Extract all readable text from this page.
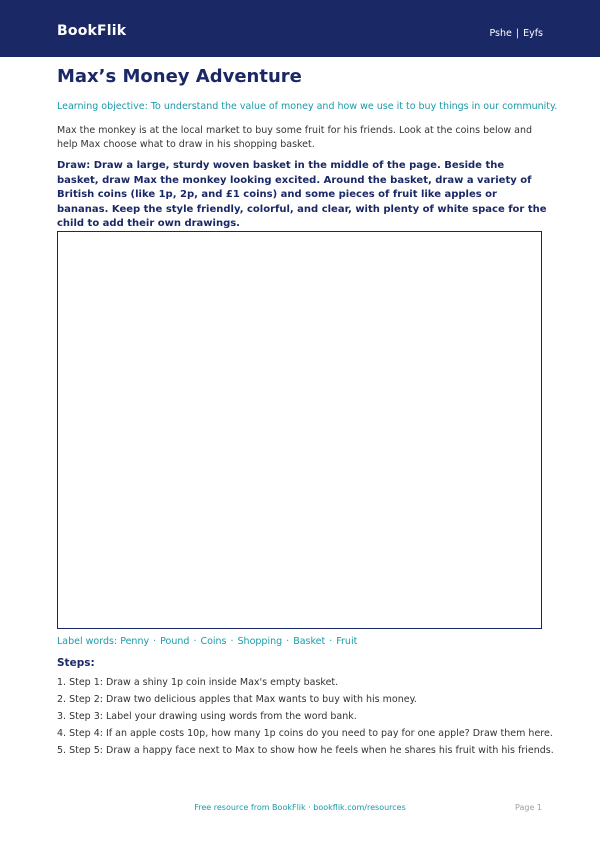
BookFlik	Pshe | Eyfs
Max’s Money Adventure
Learning objective: To understand the value of money and how we use it to buy things in our community.
Max the monkey is at the local market to buy some fruit for his friends. Look at the coins below and help Max choose what to draw in his shopping basket.
Draw: Draw a large, sturdy woven basket in the middle of the page. Beside the basket, draw Max the monkey looking excited. Around the basket, draw a variety of British coins (like 1p, 2p, and £1 coins) and some pieces of fruit like apples or bananas. Keep the style friendly, colorful, and clear, with plenty of white space for the child to add their own drawings.
Label words: Penny · Pound · Coins · Shopping · Basket · Fruit
Steps:
1. Step 1: Draw a shiny 1p coin inside Max's empty basket.
2. Step 2: Draw two delicious apples that Max wants to buy with his money.
3. Step 3: Label your drawing using words from the word bank.
4. Step 4: If an apple costs 10p, how many 1p coins do you need to pay for one apple? Draw them here.
5. Step 5: Draw a happy face next to Max to show how he feels when he shares his fruit with his friends.
Free resource from BookFlik · bookflik.com/resources	Page 1
